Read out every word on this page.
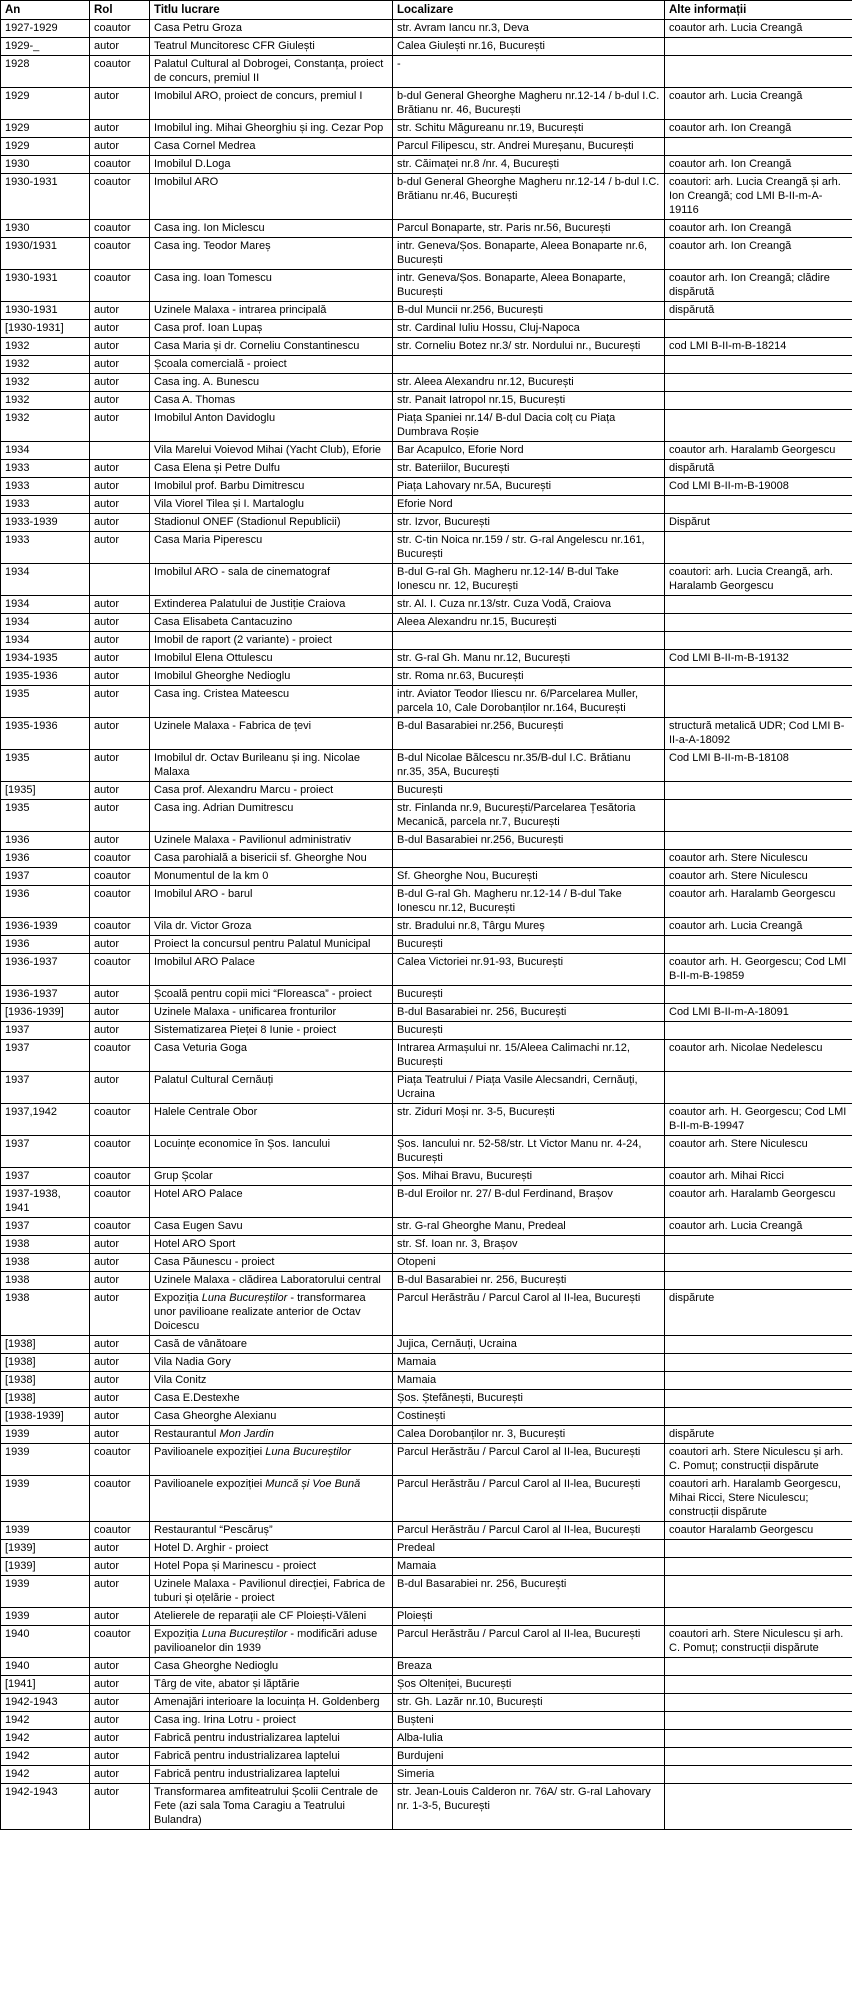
An	Rol	Titlu lucrare	Localizare	Alte informații
1927-1929	coautor	Casa Petru Groza	str. Avram Iancu nr.3, Deva	coautor arh. Lucia Creangă
1929-_	autor	Teatrul Muncitoresc CFR Giulești	Calea Giulești nr.16, București	
1928	coautor	Palatul Cultural al Dobrogei, Constanța, proiect de concurs, premiul II	-	
1929	autor	Imobilul ARO, proiect de concurs, premiul I	b-dul General Gheorghe Magheru nr.12-14 / b-dul I.C. Brătianu nr. 46, București	coautor arh. Lucia Creangă
1929	autor	Imobilul ing. Mihai Gheorghiu și ing. Cezar Pop	str. Schitu Măgureanu nr.19, București	coautor arh. Ion Creangă
1929	autor	Casa Cornel Medrea	Parcul Filipescu, str. Andrei Mureșanu, București	
1930	coautor	Imobilul D.Loga	str. Căimaței nr.8 /nr. 4, București	coautor arh. Ion Creangă
1930-1931	coautor	Imobilul ARO	b-dul General Gheorghe Magheru nr.12-14 / b-dul I.C. Brătianu nr.46, București	coautori: arh. Lucia Creangă și arh. Ion Creangă; cod LMI B-II-m-A-19116
1930	coautor	Casa ing. Ion Miclescu	Parcul Bonaparte, str. Paris nr.56, București	coautor arh. Ion Creangă
1930/1931	coautor	Casa ing. Teodor Mareș	intr. Geneva/Șos. Bonaparte, Aleea Bonaparte nr.6, București	coautor arh. Ion Creangă
1930-1931	coautor	Casa ing. Ioan Tomescu	intr. Geneva/Șos. Bonaparte, Aleea Bonaparte, București	coautor arh. Ion Creangă; clădire dispărută
1930-1931	autor	Uzinele Malaxa - intrarea principală	B-dul Muncii nr.256, București	dispărută
[1930-1931]	autor	Casa prof. Ioan Lupaș	str. Cardinal Iuliu Hossu, Cluj-Napoca	
1932	autor	Casa Maria și dr. Corneliu Constantinescu	str. Corneliu Botez nr.3/ str. Nordului nr., București	cod LMI B-II-m-B-18214
1932	autor	Școala comercială - proiect		
1932	autor	Casa ing. A. Bunescu	str. Aleea Alexandru nr.12, București	
1932	autor	Casa A. Thomas	str. Panait Iatropol nr.15, București	
1932	autor	Imobilul Anton Davidoglu	Piața Spaniei nr.14/ B-dul Dacia colț cu Piața Dumbrava Roșie	
1934		Vila Marelui Voievod Mihai (Yacht Club), Eforie	Bar Acapulco, Eforie Nord	coautor arh. Haralamb Georgescu
1933	autor	Casa Elena și Petre Dulfu	str. Bateriilor, București	dispărută
1933	autor	Imobilul prof. Barbu Dimitrescu	Piața Lahovary nr.5A, București	Cod LMI B-II-m-B-19008
1933	autor	Vila Viorel Tilea și I. Martaloglu	Eforie Nord	
1933-1939	autor	Stadionul ONEF (Stadionul Republicii)	str. Izvor, București	Dispărut
1933	autor	Casa Maria Piperescu	str. C-tin Noica nr.159 / str. G-ral Angelescu nr.161, București	
1934		Imobilul ARO - sala de cinematograf	B-dul G-ral Gh. Magheru nr.12-14/ B-dul Take Ionescu nr. 12, București	coautori: arh. Lucia Creangă, arh. Haralamb Georgescu
1934	autor	Extinderea Palatului de Justiție Craiova	str. Al. I. Cuza nr.13/str. Cuza Vodă, Craiova	
1934	autor	Casa Elisabeta Cantacuzino	Aleea Alexandru nr.15, București	
1934	autor	Imobil de raport (2 variante) - proiect		
1934-1935	autor	Imobilul Elena Ottulescu	str. G-ral Gh. Manu nr.12, București	Cod LMI B-II-m-B-19132
1935-1936	autor	Imobilul Gheorghe Nedioglu	str. Roma nr.63, București	
1935	autor	Casa ing. Cristea Mateescu	intr. Aviator Teodor Iliescu nr. 6/Parcelarea Muller, parcela 10, Cale Dorobanților nr.164, București	
1935-1936	autor	Uzinele Malaxa - Fabrica de țevi	B-dul Basarabiei nr.256, București	structură metalică UDR; Cod LMI B-II-a-A-18092
1935	autor	Imobilul dr. Octav Burileanu și ing. Nicolae Malaxa	B-dul Nicolae Bălcescu nr.35/B-dul I.C. Brătianu nr.35, 35A, București	Cod LMI B-II-m-B-18108
[1935]	autor	Casa prof. Alexandru Marcu - proiect	București	
1935	autor	Casa ing. Adrian Dumitrescu	str. Finlanda nr.9, București/Parcelarea Țesătoria Mecanică, parcela nr.7, București	
1936	autor	Uzinele Malaxa - Pavilionul administrativ	B-dul Basarabiei nr.256, București	
1936	coautor	Casa parohială a bisericii sf. Gheorghe Nou		coautor arh. Stere Niculescu
1937	coautor	Monumentul de la km 0	Sf. Gheorghe Nou, București	coautor arh. Stere Niculescu
1936	coautor	Imobilul ARO - barul	B-dul G-ral Gh. Magheru nr.12-14 / B-dul Take Ionescu nr.12, București	coautor arh. Haralamb Georgescu
1936-1939	coautor	Vila dr. Victor Groza	str. Bradului nr.8, Târgu Mureș	coautor arh. Lucia Creangă
1936	autor	Proiect la concursul pentru Palatul Municipal	București	
1936-1937	coautor	Imobilul ARO Palace	Calea Victoriei nr.91-93, București	coautor arh. H. Georgescu; Cod LMI B-II-m-B-19859
1936-1937	autor	Școală pentru copii mici “Floreasca” - proiect	București	
[1936-1939]	autor	Uzinele Malaxa - unificarea fronturilor	B-dul Basarabiei nr. 256, București	Cod LMI B-II-m-A-18091
1937	autor	Sistematizarea Pieței 8 Iunie - proiect	București	
1937	coautor	Casa Veturia Goga	Intrarea Armașului nr. 15/Aleea Calimachi nr.12, București	coautor arh. Nicolae Nedelescu
1937	autor	Palatul Cultural Cernăuți	Piața Teatrului / Piața Vasile Alecsandri, Cernăuți, Ucraina	
1937,1942	coautor	Halele Centrale Obor	str. Ziduri Moși nr. 3-5, București	coautor arh. H. Georgescu; Cod LMI B-II-m-B-19947
1937	coautor	Locuințe economice în Șos. Iancului	Șos. Iancului nr. 52-58/str. Lt Victor Manu nr. 4-24, București	coautor arh. Stere Niculescu
1937	coautor	Grup Școlar	Șos. Mihai Bravu, București	coautor arh. Mihai Ricci
1937-1938, 1941	coautor	Hotel ARO Palace	B-dul Eroilor nr. 27/ B-dul Ferdinand, Brașov	coautor arh. Haralamb Georgescu
1937	coautor	Casa Eugen Savu	str. G-ral Gheorghe Manu, Predeal	coautor arh. Lucia Creangă
1938	autor	Hotel ARO Sport	str. Sf. Ioan nr. 3, Brașov	
1938	autor	Casa Păunescu - proiect	Otopeni	
1938	autor	Uzinele Malaxa - clădirea Laboratorului central	B-dul Basarabiei nr. 256, București	
1938	autor	Expoziția Luna Bucureștilor - transformarea unor pavilioane realizate anterior de Octav Doicescu	Parcul Herăstrău / Parcul Carol al II-lea, București	dispărute
[1938]	autor	Casă de vânătoare	Jujica, Cernăuți, Ucraina	
[1938]	autor	Vila Nadia Gory	Mamaia	
[1938]	autor	Vila Conitz	Mamaia	
[1938]	autor	Casa E.Destexhe	Șos. Ștefănești, București	
[1938-1939]	autor	Casa Gheorghe Alexianu	Costinești	
1939	autor	Restaurantul Mon Jardin	Calea Dorobanților nr. 3, București	dispărute
1939	coautor	Pavilioanele expoziției Luna Bucureștilor	Parcul Herăstrău / Parcul Carol al II-lea, București	coautori arh. Stere Niculescu și arh. C. Pomuț; construcții dispărute
1939	coautor	Pavilioanele expoziției Muncă și Voe Bună	Parcul Herăstrău / Parcul Carol al II-lea, București	coautori arh. Haralamb Georgescu, Mihai Ricci, Stere Niculescu; construcții dispărute
1939	coautor	Restaurantul “Pescăruș”	Parcul Herăstrău / Parcul Carol al II-lea, București	coautor Haralamb Georgescu
[1939]	autor	Hotel D. Arghir - proiect	Predeal	
[1939]	autor	Hotel Popa și Marinescu - proiect	Mamaia	
1939	autor	Uzinele Malaxa - Pavilionul direcției, Fabrica de tuburi și oțelărie - proiect	B-dul Basarabiei nr. 256, București	
1939	autor	Atelierele de reparații ale CF Ploiești-Văleni	Ploiești	
1940	coautor	Expoziția Luna Bucureștilor - modificări aduse pavilioanelor din 1939	Parcul Herăstrău / Parcul Carol al II-lea, București	coautori arh. Stere Niculescu și arh. C. Pomuț; construcții dispărute
1940	autor	Casa Gheorghe Nedioglu	Breaza	
[1941]	autor	Târg de vite, abator și lăptărie	Șos Olteniței, București	
1942-1943	autor	Amenajări interioare la locuința H. Goldenberg	str. Gh. Lazăr nr.10, București	
1942	autor	Casa ing. Irina Lotru - proiect	Bușteni	
1942	autor	Fabrică pentru industrializarea laptelui	Alba-Iulia	
1942	autor	Fabrică pentru industrializarea laptelui	Burdujeni	
1942	autor	Fabrică pentru industrializarea laptelui	Simeria	
1942-1943	autor	Transformarea amfiteatrului Școlii Centrale de Fete (azi sala Toma Caragiu a Teatrului Bulandra)	str. Jean-Louis Calderon nr. 76A/ str. G-ral Lahovary nr. 1-3-5, București	
